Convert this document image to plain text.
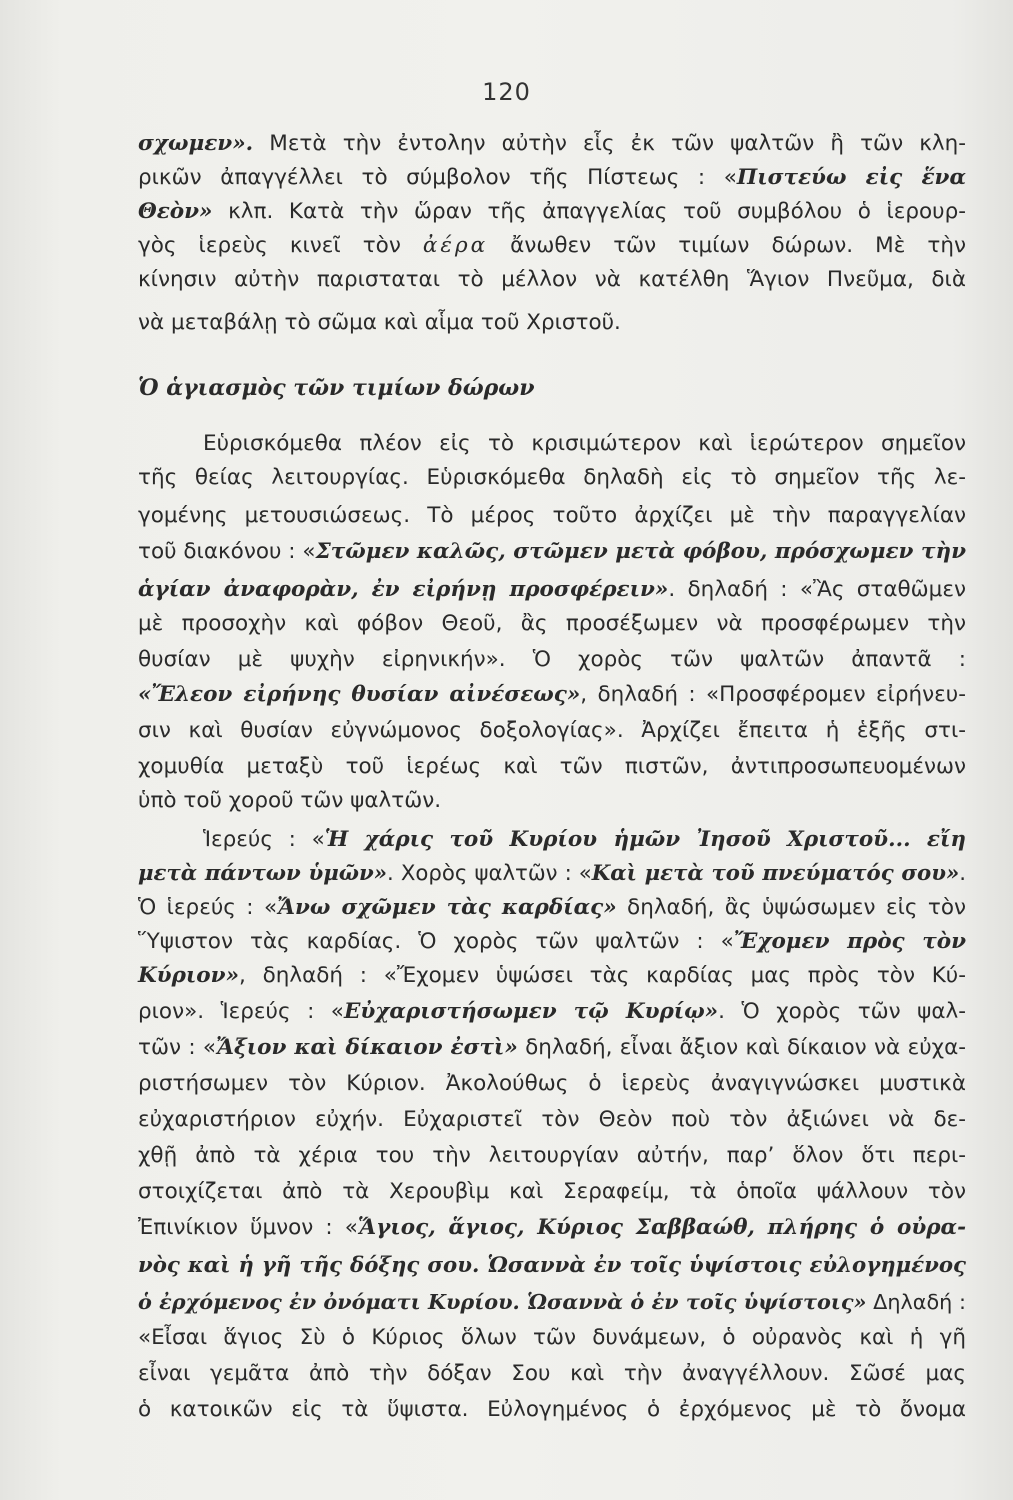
120
σχωμεν». Μετὰ τὴν ἐντολην αὐτὴν εἷς ἐκ τῶν ψαλτῶν ἢ τῶν κλη-
ρικῶν ἀπαγγέλλει τὸ σύμβολον τῆς Πίστεως : «Πιστεύω εἰς ἕνα
Θεὸν» κλπ. Κατὰ τὴν ὥραν τῆς ἀπαγγελίας τοῦ συμβόλου ὁ ἱερουρ-
γὸς ἱερεὺς κινεῖ τὸν ἀέρα ἄνωθεν τῶν τιμίων δώρων. Μὲ τὴν
κίνησιν αὐτὴν παρισταται τὸ μέλλον νὰ κατέλθη Ἅγιον Πνεῦμα, διὰ
νὰ μεταβάλῃ τὸ σῶμα καὶ αἷμα τοῦ Χριστοῦ.
Ὁ ἁγιασμὸς τῶν τιμίων δώρων
Εὑρισκόμεθα πλέον εἰς τὸ κρισιμώτερον καὶ ἱερώτερον σημεῖον
τῆς θείας λειτουργίας. Εὑρισκόμεθα δηλαδὴ εἰς τὸ σημεῖον τῆς λε-
γομένης μετουσιώσεως. Τὸ μέρος τοῦτο ἀρχίζει μὲ τὴν παραγγελίαν
τοῦ διακόνου : «Στῶμεν καλῶς, στῶμεν μετὰ φόβου, πρόσχωμεν τὴν
ἁγίαν ἀναφορὰν, ἐν εἰρήνῃ προσφέρειν». δηλαδή : «Ἂς σταθῶμεν
μὲ προσοχὴν καὶ φόβον Θεοῦ, ἂς προσέξωμεν νὰ προσφέρωμεν τὴν
θυσίαν μὲ ψυχὴν εἰρηνικήν». Ὁ χορὸς τῶν ψαλτῶν ἀπαντᾶ :
«Ἔλεον εἰρήνης θυσίαν αἰνέσεως», δηλαδή : «Προσφέρομεν εἰρήνευ-
σιν καὶ θυσίαν εὐγνώμονος δοξολογίας». Ἀρχίζει ἔπειτα ἡ ἑξῆς στι-
χομυθία μεταξὺ τοῦ ἱερέως καὶ τῶν πιστῶν, ἀντιπροσωπευομένων
ὑπὸ τοῦ χοροῦ τῶν ψαλτῶν.
Ἱερεύς : «Ἡ χάρις τοῦ Κυρίου ἡμῶν Ἰησοῦ Χριστοῦ... εἴη
μετὰ πάντων ὑμῶν». Χορὸς ψαλτῶν : «Καὶ μετὰ τοῦ πνεύματός σου».
Ὁ ἱερεύς : «Ἄνω σχῶμεν τὰς καρδίας» δηλαδή, ἂς ὑψώσωμεν εἰς τὸν
Ὕψιστον τὰς καρδίας. Ὁ χορὸς τῶν ψαλτῶν : «Ἔχομεν πρὸς τὸν
Κύριον», δηλαδή : «Ἔχομεν ὑψώσει τὰς καρδίας μας πρὸς τὸν Κύ-
ριον». Ἱερεύς : «Εὐχαριστήσωμεν τῷ Κυρίῳ». Ὁ χορὸς τῶν ψαλ-
τῶν : «Ἄξιον καὶ δίκαιον ἐστὶ» δηλαδή, εἶναι ἄξιον καὶ δίκαιον νὰ εὐχα-
ριστήσωμεν τὸν Κύριον. Ἀκολούθως ὁ ἱερεὺς ἀναγιγνώσκει μυστικὰ
εὐχαριστήριον εὐχήν. Εὐχαριστεῖ τὸν Θεὸν ποὺ τὸν ἀξιώνει νὰ δε-
χθῇ ἀπὸ τὰ χέρια του τὴν λειτουργίαν αὐτήν, παρ’ ὅλον ὅτι περι-
στοιχίζεται ἀπὸ τὰ Χερουβὶμ καὶ Σεραφείμ, τὰ ὁποῖα ψάλλουν τὸν
Ἐπινίκιον ὕμνον : «Ἅγιος, ἅγιος, Κύριος Σαββαώθ, πλήρης ὁ οὐρα-
νὸς καὶ ἡ γῆ τῆς δόξης σου. Ὡσαννὰ ἐν τοῖς ὑψίστοις εὐλογημένος
ὁ ἐρχόμενος ἐν ὀνόματι Κυρίου. Ὡσαννὰ ὁ ἐν τοῖς ὑψίστοις» Δηλαδή :
«Εἶσαι ἅγιος Σὺ ὁ Κύριος ὅλων τῶν δυνάμεων, ὁ οὐρανὸς καὶ ἡ γῆ
εἶναι γεμᾶτα ἀπὸ τὴν δόξαν Σου καὶ τὴν ἀναγγέλλουν. Σῶσέ μας
ὁ κατοικῶν εἰς τὰ ὕψιστα. Εὐλογημένος ὁ ἐρχόμενος μὲ τὸ ὄνομα
